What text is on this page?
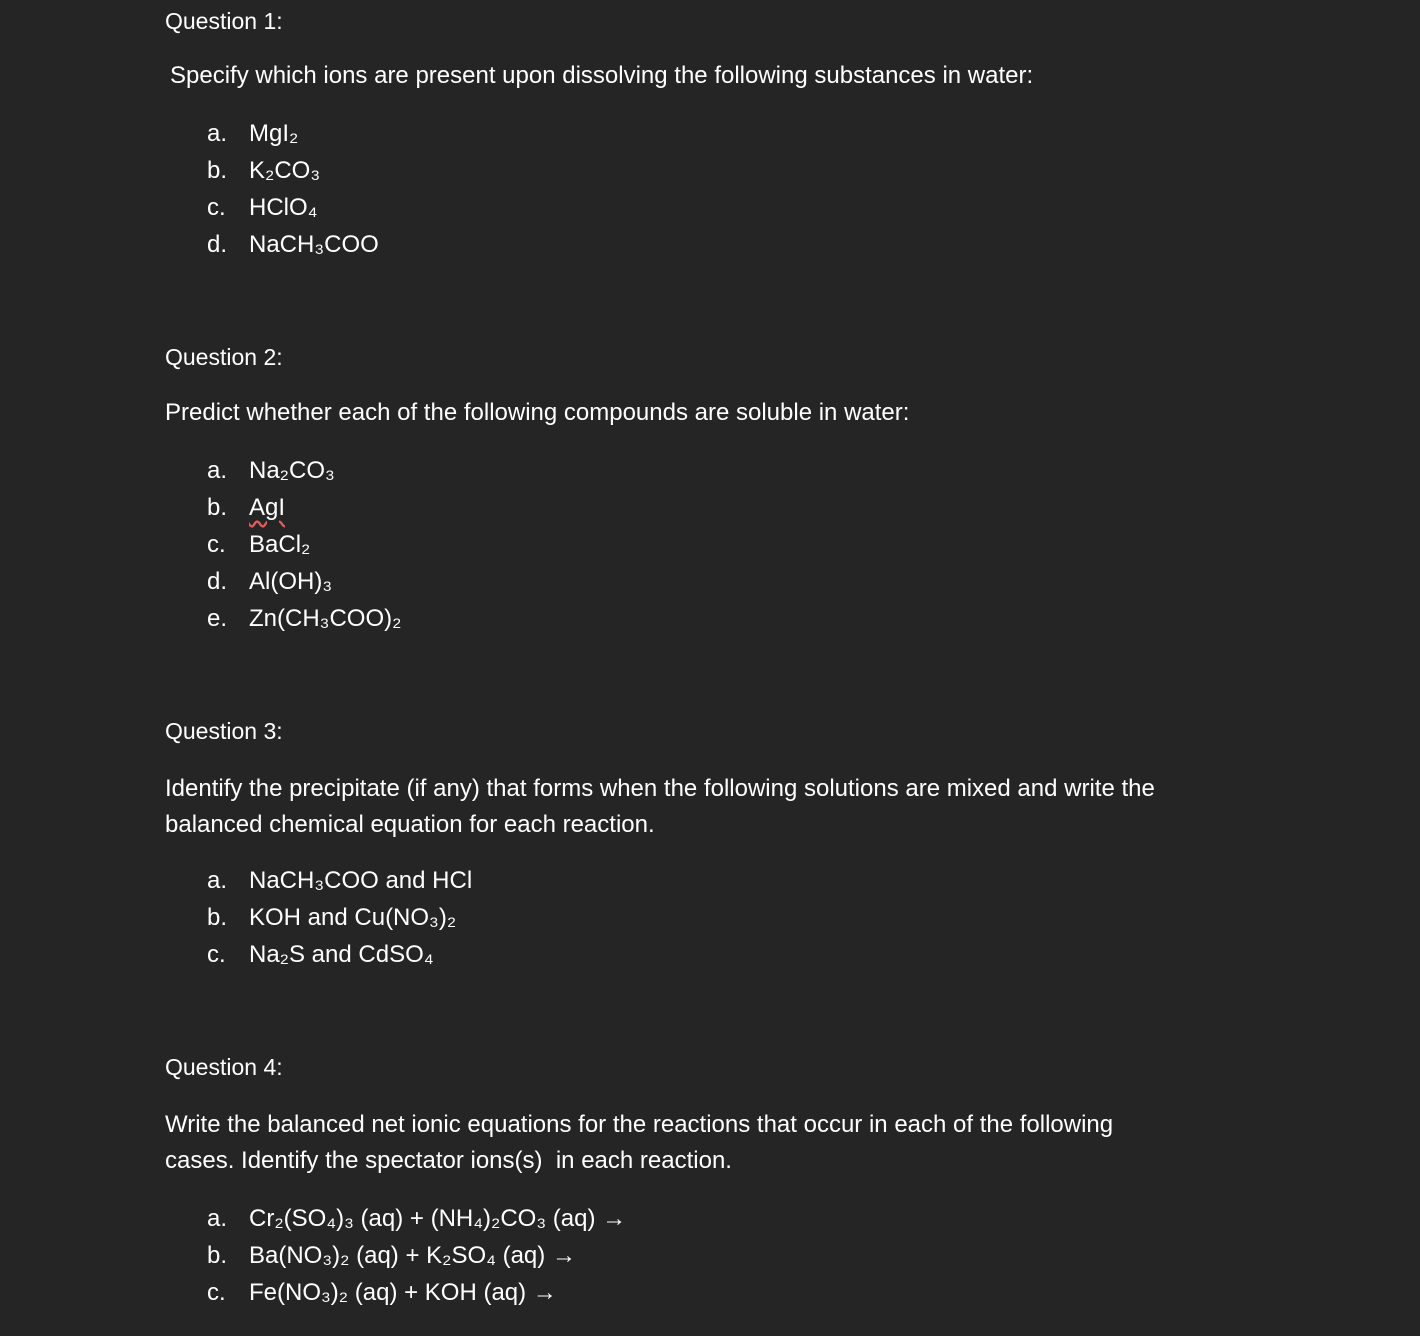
Question 1:

Specify which ions are present upon dissolving the following substances in water:

a. MgI₂
b. K₂CO₃
c. HClO₄
d. NaCH₃COO

Question 2:

Predict whether each of the following compounds are soluble in water:

a. Na₂CO₃
b. AgI
c. BaCl₂
d. Al(OH)₃
e. Zn(CH₃COO)₂

Question 3:

Identify the precipitate (if any) that forms when the following solutions are mixed and write the

balanced chemical equation for each reaction.

a. NaCH₃COO and HCl
b. KOH and Cu(NO₃)₂
c. Na₂S and CdSO₄

Question 4:

Write the balanced net ionic equations for the reactions that occur in each of the following

cases. Identify the spectator ions(s)  in each reaction.

a. Cr₂(SO₄)₃ (aq) + (NH₄)₂CO₃ (aq) →
b. Ba(NO₃)₂ (aq) + K₂SO₄ (aq) →
c. Fe(NO₃)₂ (aq) + KOH (aq) →
